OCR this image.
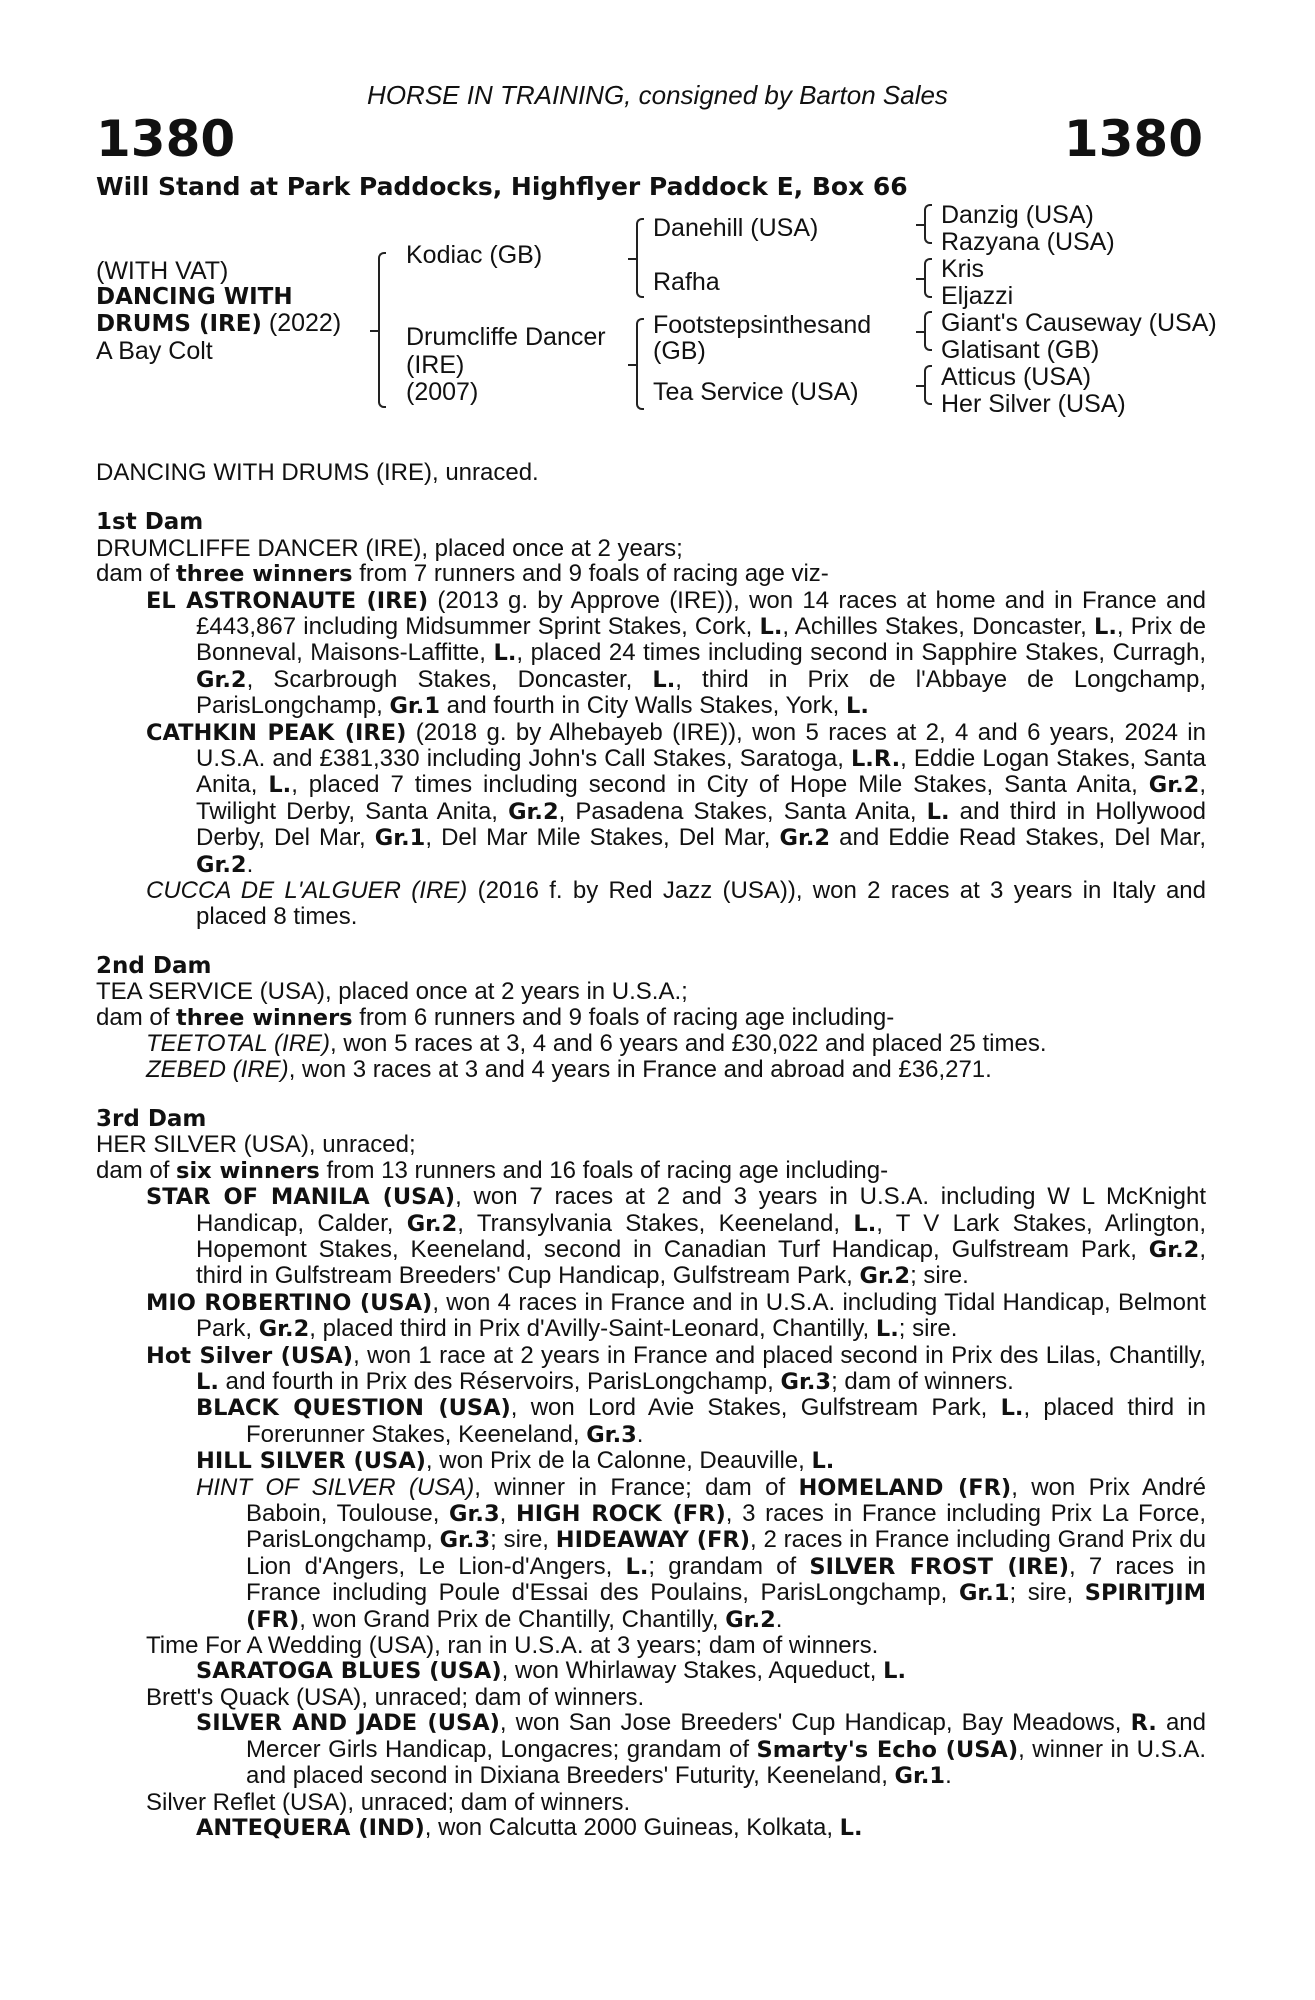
HORSE IN TRAINING, consigned by Barton Sales
1380	1380
Will Stand at Park Paddocks, Highflyer Paddock E, Box 66
(WITH VAT)
DANCING WITH
DRUMS (IRE) (2022)
A Bay Colt
Kodiac (GB)
Drumcliffe Dancer
(IRE)
(2007)
Danehill (USA)
Rafha
Footstepsinthesand
(GB)
Tea Service (USA)
Danzig (USA)
Razyana (USA)
Kris
Eljazzi
Giant's Causeway (USA)
Glatisant (GB)
Atticus (USA)
Her Silver (USA)

DANCING WITH DRUMS (IRE), unraced.

1st Dam

DRUMCLIFFE DANCER (IRE), placed once at 2 years;

dam of three winners from 7 runners and 9 foals of racing age viz-

EL ASTRONAUTE (IRE) (2013 g. by Approve (IRE)), won 14 races at home and in France and £443,867 including Midsummer Sprint Stakes, Cork, L., Achilles Stakes, Doncaster, L., Prix de Bonneval, Maisons-Laffitte, L., placed 24 times including second in Sapphire Stakes, Curragh, Gr.2, Scarbrough Stakes, Doncaster, L., third in Prix de l'Abbaye de Longchamp, ParisLongchamp, Gr.1 and fourth in City Walls Stakes, York, L.

CATHKIN PEAK (IRE) (2018 g. by Alhebayeb (IRE)), won 5 races at 2, 4 and 6 years, 2024 in U.S.A. and £381,330 including John's Call Stakes, Saratoga, L.R., Eddie Logan Stakes, Santa Anita, L., placed 7 times including second in City of Hope Mile Stakes, Santa Anita, Gr.2, Twilight Derby, Santa Anita, Gr.2, Pasadena Stakes, Santa Anita, L. and third in Hollywood Derby, Del Mar, Gr.1, Del Mar Mile Stakes, Del Mar, Gr.2 and Eddie Read Stakes, Del Mar, Gr.2.

CUCCA DE L'ALGUER (IRE) (2016 f. by Red Jazz (USA)), won 2 races at 3 years in Italy and placed 8 times.

2nd Dam

TEA SERVICE (USA), placed once at 2 years in U.S.A.;

dam of three winners from 6 runners and 9 foals of racing age including-

TEETOTAL (IRE), won 5 races at 3, 4 and 6 years and £30,022 and placed 25 times.

ZEBED (IRE), won 3 races at 3 and 4 years in France and abroad and £36,271.

3rd Dam

HER SILVER (USA), unraced;

dam of six winners from 13 runners and 16 foals of racing age including-

STAR OF MANILA (USA), won 7 races at 2 and 3 years in U.S.A. including W L McKnight Handicap, Calder, Gr.2, Transylvania Stakes, Keeneland, L., T V Lark Stakes, Arlington, Hopemont Stakes, Keeneland, second in Canadian Turf Handicap, Gulfstream Park, Gr.2, third in Gulfstream Breeders' Cup Handicap, Gulfstream Park, Gr.2; sire.

MIO ROBERTINO (USA), won 4 races in France and in U.S.A. including Tidal Handicap, Belmont Park, Gr.2, placed third in Prix d'Avilly-Saint-Leonard, Chantilly, L.; sire.

Hot Silver (USA), won 1 race at 2 years in France and placed second in Prix des Lilas, Chantilly, L. and fourth in Prix des Réservoirs, ParisLongchamp, Gr.3; dam of winners.

BLACK QUESTION (USA), won Lord Avie Stakes, Gulfstream Park, L., placed third in Forerunner Stakes, Keeneland, Gr.3.

HILL SILVER (USA), won Prix de la Calonne, Deauville, L.

HINT OF SILVER (USA), winner in France; dam of HOMELAND (FR), won Prix André Baboin, Toulouse, Gr.3, HIGH ROCK (FR), 3 races in France including Prix La Force, ParisLongchamp, Gr.3; sire, HIDEAWAY (FR), 2 races in France including Grand Prix du Lion d'Angers, Le Lion-d'Angers, L.; grandam of SILVER FROST (IRE), 7 races in France including Poule d'Essai des Poulains, ParisLongchamp, Gr.1; sire, SPIRITJIM (FR), won Grand Prix de Chantilly, Chantilly, Gr.2.

Time For A Wedding (USA), ran in U.S.A. at 3 years; dam of winners.

SARATOGA BLUES (USA), won Whirlaway Stakes, Aqueduct, L.

Brett's Quack (USA), unraced; dam of winners.

SILVER AND JADE (USA), won San Jose Breeders' Cup Handicap, Bay Meadows, R. and Mercer Girls Handicap, Longacres; grandam of Smarty's Echo (USA), winner in U.S.A. and placed second in Dixiana Breeders' Futurity, Keeneland, Gr.1.

Silver Reflet (USA), unraced; dam of winners.

ANTEQUERA (IND), won Calcutta 2000 Guineas, Kolkata, L.
